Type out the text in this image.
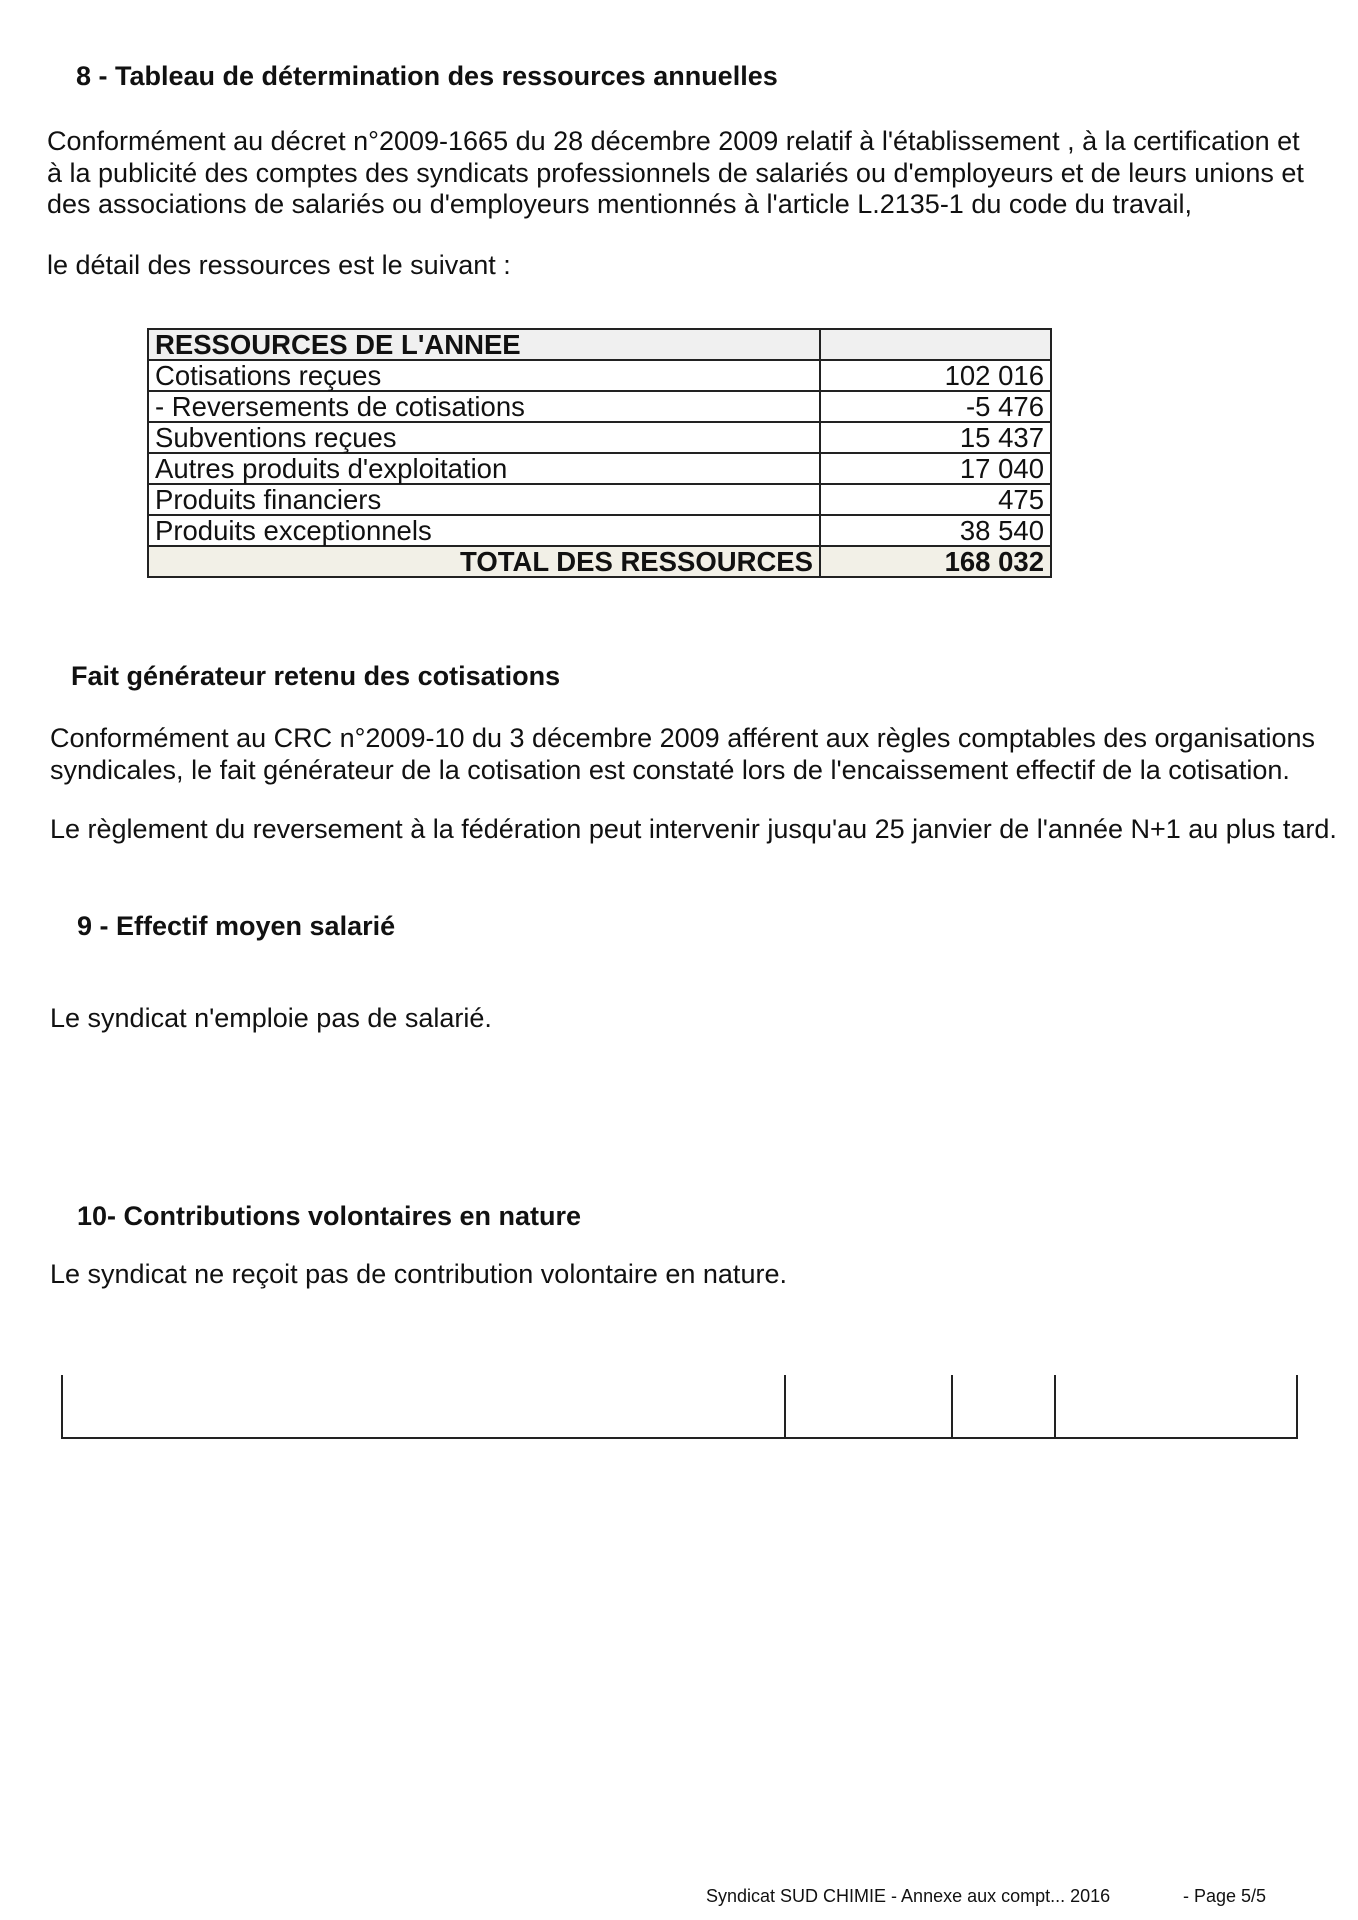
8 - Tableau de détermination des ressources annuelles
Conformément au décret n°2009-1665 du 28 décembre 2009 relatif à l'établissement , à la certification et
à la publicité des comptes des syndicats professionnels de salariés ou d'employeurs et de leurs unions et
des associations de salariés ou d'employeurs mentionnés à l'article L.2135-1 du code du travail,
le détail des ressources est le suivant :
RESSOURCES DE L'ANNEE	
Cotisations reçues	102 016
- Reversements de cotisations	-5 476
Subventions reçues	15 437
Autres produits d'exploitation	17 040
Produits financiers	475
Produits exceptionnels	38 540
TOTAL DES RESSOURCES	168 032
Fait générateur retenu des cotisations
Conformément au CRC n°2009-10 du 3 décembre 2009 afférent aux règles comptables des organisations
syndicales, le fait générateur de la cotisation est constaté lors de l'encaissement effectif de la cotisation.
Le règlement du reversement à la fédération peut intervenir jusqu'au 25 janvier de l'année N+1 au plus tard.
9 - Effectif moyen salarié
Le syndicat n'emploie pas de salarié.
10- Contributions volontaires en nature
Le syndicat ne reçoit pas de contribution volontaire en nature.
Syndicat SUD CHIMIE - Annexe aux compt... 2016	- Page 5/5
